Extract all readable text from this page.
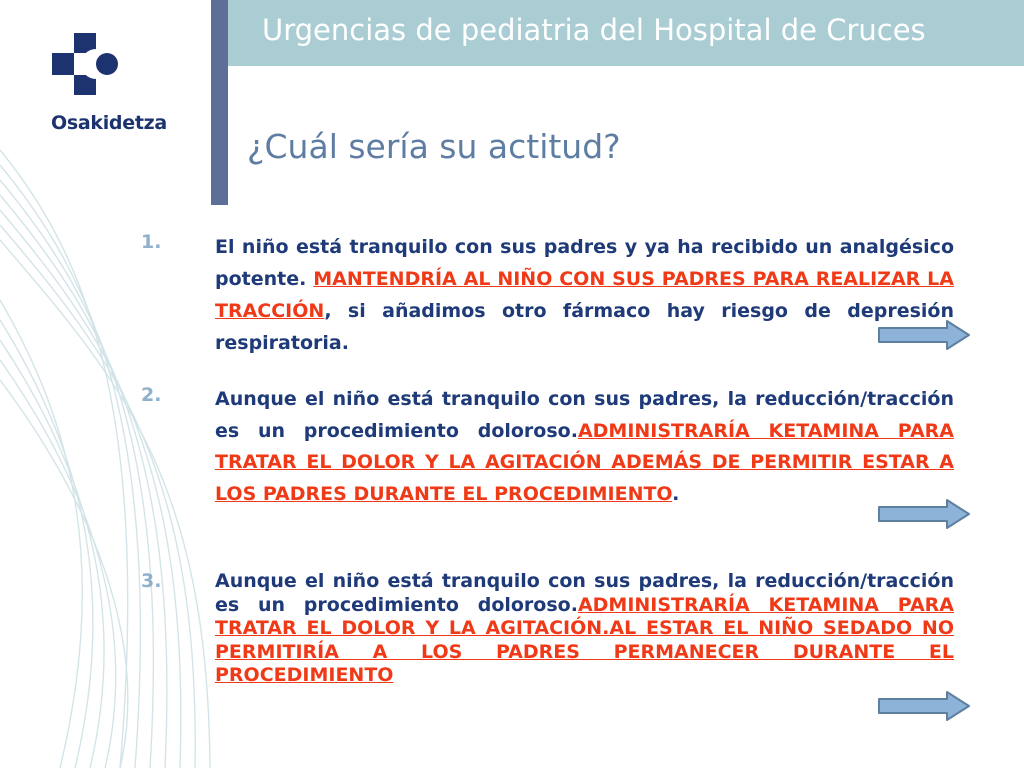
Urgencias de pediatria del Hospital de Cruces
Osakidetza
¿Cuál sería su actitud?
1.	El niño está tranquilo con sus padres y ya ha recibido un analgésico potente. MANTENDRÍA AL NIÑO CON SUS PADRES PARA REALIZAR LA TRACCIÓN, si añadimos otro fármaco hay riesgo de depresión respiratoria.
2.	Aunque el niño está tranquilo con sus padres, la reducción/tracción es un procedimiento doloroso.ADMINISTRARÍA KETAMINA PARA TRATAR EL DOLOR Y LA AGITACIÓN ADEMÁS DE PERMITIR ESTAR A LOS PADRES DURANTE EL PROCEDIMIENTO.
3.	Aunque el niño está tranquilo con sus padres, la reducción/tracción es un procedimiento doloroso.ADMINISTRARÍA KETAMINA PARA TRATAR EL DOLOR Y LA AGITACIÓN.AL ESTAR EL NIÑO SEDADO NO PERMITIRÍA A LOS PADRES PERMANECER DURANTE EL PROCEDIMIENTO
